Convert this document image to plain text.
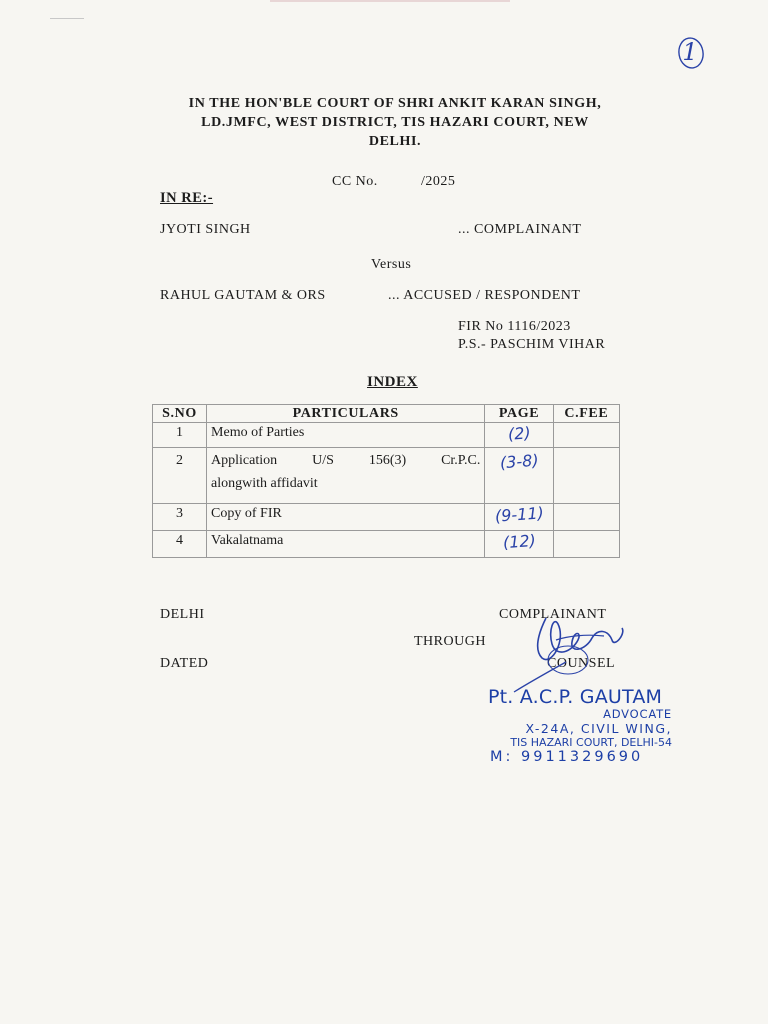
1
IN THE HON'BLE COURT OF SHRI ANKIT KARAN SINGH,
LD.JMFC, WEST DISTRICT, TIS HAZARI COURT, NEW
DELHI.
CC No.	/2025
IN RE:-
JYOTI SINGH	... COMPLAINANT
Versus
RAHUL GAUTAM & ORS	... ACCUSED / RESPONDENT
FIR No 1116/2023
P.S.- PASCHIM VIHAR
INDEX
S.NO	PARTICULARS	PAGE	C.FEE
1	Memo of Parties	(2)	
2	Application U/S 156(3) Cr.P.C.
alongwith affidavit	(3-8)	
3	Copy of FIR	(9-11)	
4	Vakalatnama	(12)	
DELHI
DATED
THROUGH
COMPLAINANT
COUNSEL
Pt. A.C.P. GAUTAM
ADVOCATE
X-24A, CIVIL WING,
TIS HAZARI COURT, DELHI-54
M: 9911329690
